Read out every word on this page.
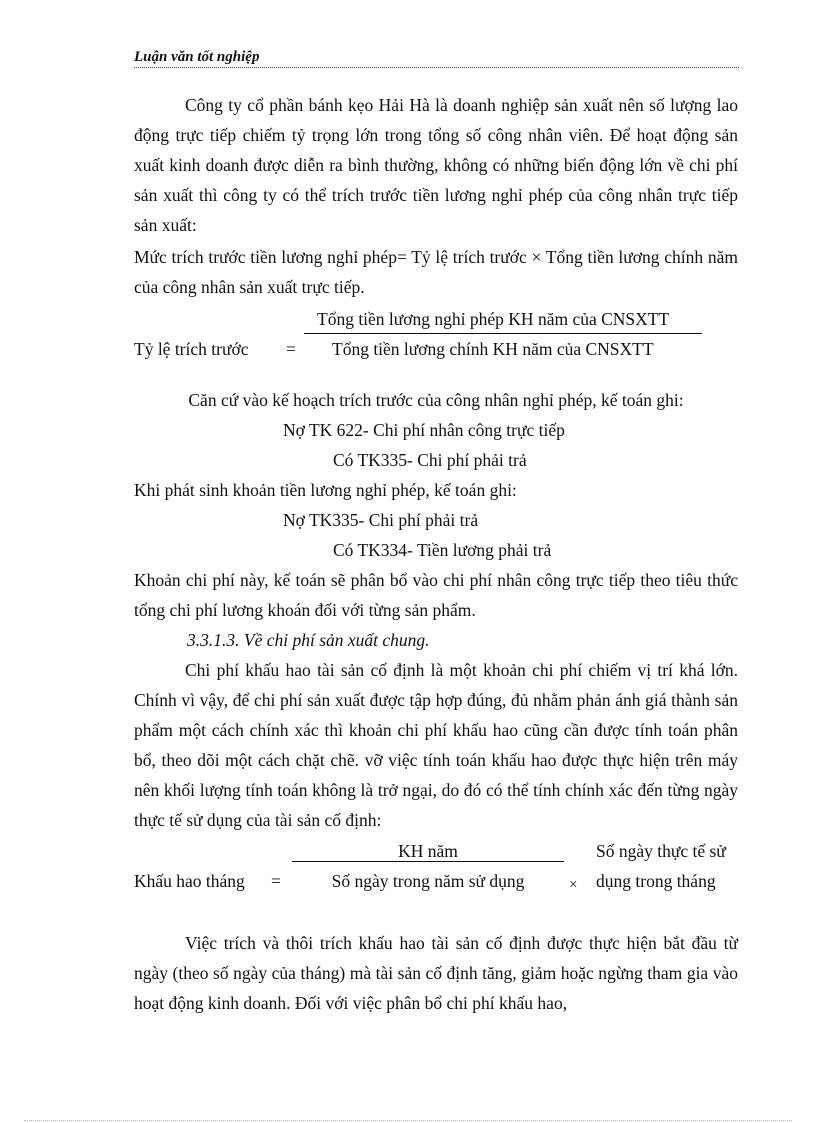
Luận văn tốt nghiệp
Công ty cổ phần bánh kẹo Hải Hà là doanh nghiệp sản xuất nên số lượng lao động trực tiếp chiếm tỷ trọng lớn trong tổng số công nhân viên. Để hoạt động sản xuất kinh doanh được diễn ra bình thường, không có những biến động lớn về chi phí sản xuất thì công ty có thể trích trước tiền lương nghỉ phép của công nhân trực tiếp sản xuất:
Mức trích trước tiền lương nghỉ phép= Tỷ lệ trích trước × Tổng tiền lương chính năm của công nhân sản xuất trực tiếp.
Tỷ lệ trích trước =
Tổng tiền lương nghỉ phép KH năm của CNSXTT
Tổng tiền lương chính KH năm của CNSXTT
Căn cứ vào kế hoạch trích trước của công nhân nghỉ phép, kế toán ghi:
Nợ TK 622- Chi phí nhân công trực tiếp
Có TK335- Chi phí phải trả
Khi phát sinh khoản tiền lương nghỉ phép, kế toán ghi:
Nợ TK335- Chi phí phải trả
Có TK334- Tiền lương phải trả
Khoản chi phí này, kế toán sẽ phân bổ vào chi phí nhân công trực tiếp theo tiêu thức tổng chi phí lương khoán đối với từng sản phẩm.
3.3.1.3. Về chi phí sản xuất chung.
Chi phí khấu hao tài sản cố định là một khoản chi phí chiếm vị trí khá lớn. Chính vì vậy, để chi phí sản xuất được tập hợp đúng, đủ nhằm phản ánh giá thành sản phẩm một cách chính xác thì khoản chi phí khấu hao cũng cần được tính toán phân bổ, theo dõi một cách chặt chẽ. vỡ việc tính toán khấu hao được thực hiện trên máy nên khối lượng tính toán không là trở ngại, do đó có thể tính chính xác đến từng ngày thực tế sử dụng của tài sản cố định:
Khấu hao tháng =
KH năm
Số ngày trong năm sử dụng	×
Số ngày thực tế sử
dụng trong tháng
Việc trích và thôi trích khấu hao tài sản cố định được thực hiện bắt đầu từ ngày (theo số ngày của tháng) mà tài sản cố định tăng, giảm hoặc ngừng tham gia vào hoạt động kinh doanh. Đối với việc phân bổ chi phí khấu hao,
